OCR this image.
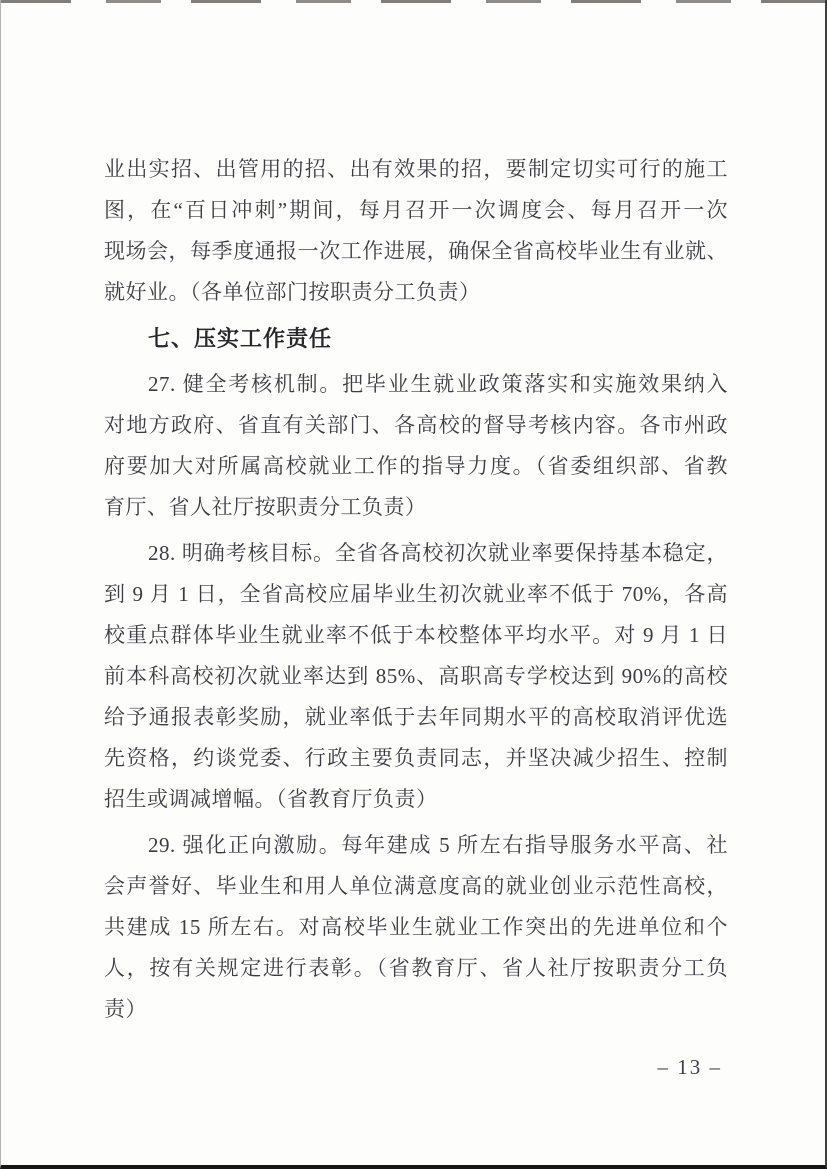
业出实招、出管用的招、出有效果的招，要制定切实可行的施工
图，在“百日冲刺”期间，每月召开一次调度会、每月召开一次
现场会，每季度通报一次工作进展，确保全省高校毕业生有业就、
就好业。（各单位部门按职责分工负责）
七、压实工作责任
27. 健全考核机制。把毕业生就业政策落实和实施效果纳入
对地方政府、省直有关部门、各高校的督导考核内容。各市州政
府要加大对所属高校就业工作的指导力度。（省委组织部、省教
育厅、省人社厅按职责分工负责）
28. 明确考核目标。全省各高校初次就业率要保持基本稳定，
到 9 月 1 日，全省高校应届毕业生初次就业率不低于 70%，各高
校重点群体毕业生就业率不低于本校整体平均水平。对 9 月 1 日
前本科高校初次就业率达到 85%、高职高专学校达到 90%的高校
给予通报表彰奖励，就业率低于去年同期水平的高校取消评优选
先资格，约谈党委、行政主要负责同志，并坚决减少招生、控制
招生或调减增幅。（省教育厅负责）
29. 强化正向激励。每年建成 5 所左右指导服务水平高、社
会声誉好、毕业生和用人单位满意度高的就业创业示范性高校，
共建成 15 所左右。对高校毕业生就业工作突出的先进单位和个
人，按有关规定进行表彰。（省教育厅、省人社厅按职责分工负
责）
– 13 –
